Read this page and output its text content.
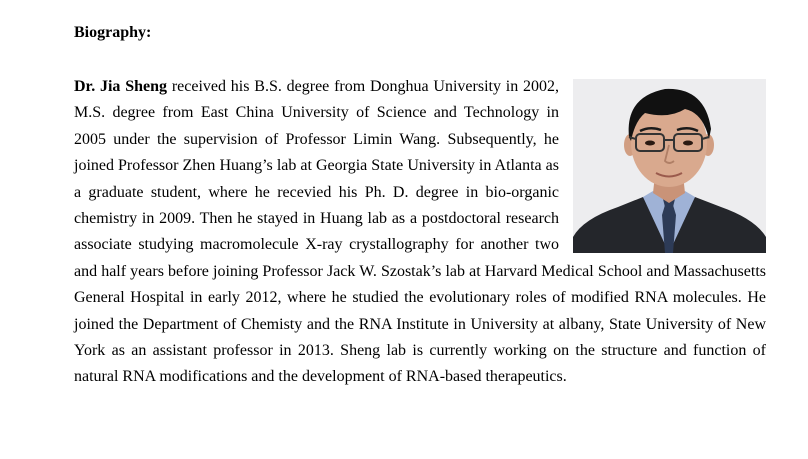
Biography:

Dr. Jia Sheng received his B.S. degree from Donghua University in 2002, M.S. degree from East China University of Science and Technology in 2005 under the supervision of Professor Limin Wang. Subsequently, he joined Professor Zhen Huang’s lab at Georgia State University in Atlanta as a graduate student, where he recevied his Ph. D. degree in bio-organic chemistry in 2009. Then he stayed in Huang lab as a postdoctoral research associate studying macromolecule X-ray crystallography for another two and half years before joining Professor Jack W. Szostak’s lab at Harvard Medical School and Massachusetts General Hospital in early 2012, where he studied the evolutionary roles of modified RNA molecules. He joined the Department of Chemisty and the RNA Institute in University at albany, State University of New York as an assistant professor in 2013. Sheng lab is currently working on the structure and function of natural RNA modifications and the development of RNA-based therapeutics.
